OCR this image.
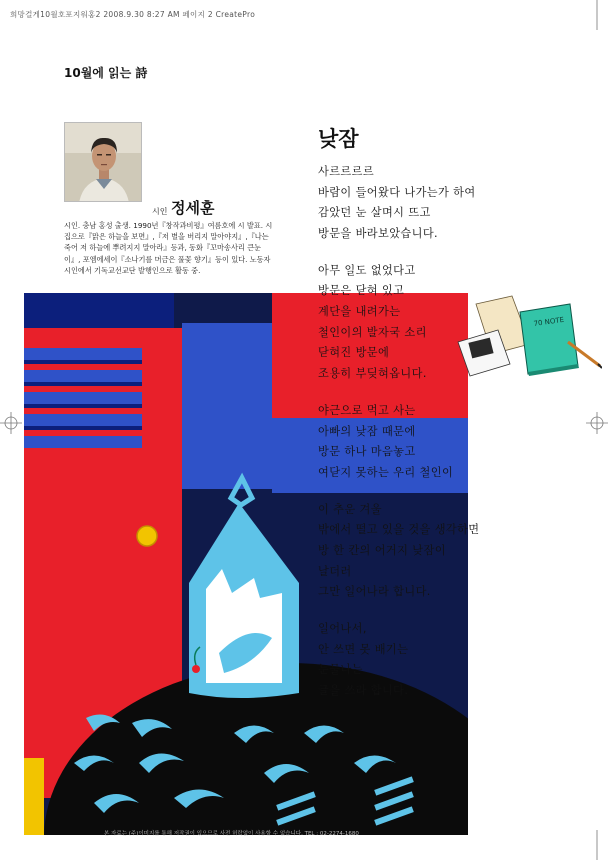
희망걸게10월호포지워홍2 2008.9.30 8:27 AM 페이지 2 CreatePro
10월에 읽는 詩
시인 정세훈
시인. 충남 홍성 출생. 1990년『창작과비평』여름호에 시 발표. 시집으로『맑은 하늘을 보면』,『저 별을 버리지 말아야지』,『나는 죽어 저 하늘에 뿌려지지 말아라』등과, 동화『꼬마송사리 큰눈이』, 포엠에세이『소나기를 머금은 풀꽃 향기』등이 있다. 노동자시인에서 기독교선교단 발행인으로 활동 중.
70 NOTE
낮잠
사르르르르
바람이 들어왔다 나가는가 하여
감았던 눈 살며시 뜨고
방문을 바라보았습니다.
아무 일도 없었다고
방문은 닫혀 있고
계단을 내려가는
철인이의 발자국 소리
닫혀진 방문에
조용히 부딪혀옵니다.
야근으로 먹고 사는
아빠의 낮잠 때문에
방문 하나 마음놓고
여닫지 못하는 우리 철인이
이 추운 겨울
밖에서 떨고 있을 것을 생각하면
방 한 칸의 어거지 낮잠이
날더러
그만 일어나라 합니다.
일어나서,
안 쓰면 못 배기는
눈물나는
글을 쓰라 합니다.
본 자료는 (주)이미지를 통해 저작권이 있으므로 사전 허락없이 사용할 수 없습니다. TEL : 02-2274-1680
